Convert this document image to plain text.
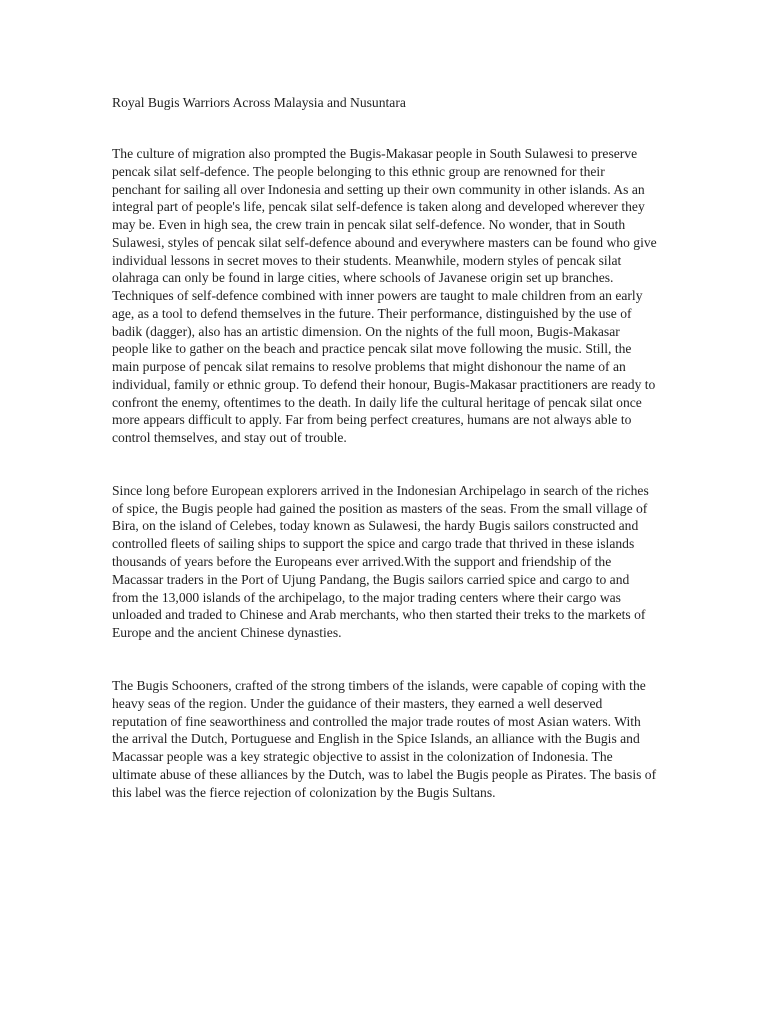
Royal Bugis Warriors Across Malaysia and Nusuntara

The culture of migration also prompted the Bugis-Makasar people in South Sulawesi to preserve pencak silat self-defence. The people belonging to this ethnic group are renowned for their penchant for sailing all over Indonesia and setting up their own community in other islands. As an integral part of people's life, pencak silat self-defence is taken along and developed wherever they may be. Even in high sea, the crew train in pencak silat self-defence. No wonder, that in South Sulawesi, styles of pencak silat self-defence abound and everywhere masters can be found who give individual lessons in secret moves to their students. Meanwhile, modern styles of pencak silat olahraga can only be found in large cities, where schools of Javanese origin set up branches. Techniques of self-defence combined with inner powers are taught to male children from an early age, as a tool to defend themselves in the future. Their performance, distinguished by the use of badik (dagger), also has an artistic dimension. On the nights of the full moon, Bugis-Makasar people like to gather on the beach and practice pencak silat move following the music. Still, the main purpose of pencak silat remains to resolve problems that might dishonour the name of an individual, family or ethnic group. To defend their honour, Bugis-Makasar practitioners are ready to confront the enemy, oftentimes to the death. In daily life the cultural heritage of pencak silat once more appears difficult to apply. Far from being perfect creatures, humans are not always able to control themselves, and stay out of trouble.

Since long before European explorers arrived in the Indonesian Archipelago in search of the riches of spice, the Bugis people had gained the position as masters of the seas. From the small village of Bira, on the island of Celebes, today known as Sulawesi, the hardy Bugis sailors constructed and controlled fleets of sailing ships to support the spice and cargo trade that thrived in these islands thousands of years before the Europeans ever arrived.With the support and friendship of the Macassar traders in the Port of Ujung Pandang, the Bugis sailors carried spice and cargo to and from the 13,000 islands of the archipelago, to the major trading centers where their cargo was unloaded and traded to Chinese and Arab merchants, who then started their treks to the markets of Europe and the ancient Chinese dynasties.

The Bugis Schooners, crafted of the strong timbers of the islands, were capable of coping with the heavy seas of the region. Under the guidance of their masters, they earned a well deserved reputation of fine seaworthiness and controlled the major trade routes of most Asian waters. With the arrival the Dutch, Portuguese and English in the Spice Islands, an alliance with the Bugis and Macassar people was a key strategic objective to assist in the colonization of Indonesia. The ultimate abuse of these alliances by the Dutch, was to label the Bugis people as Pirates. The basis of this label was the fierce rejection of colonization by the Bugis Sultans.
